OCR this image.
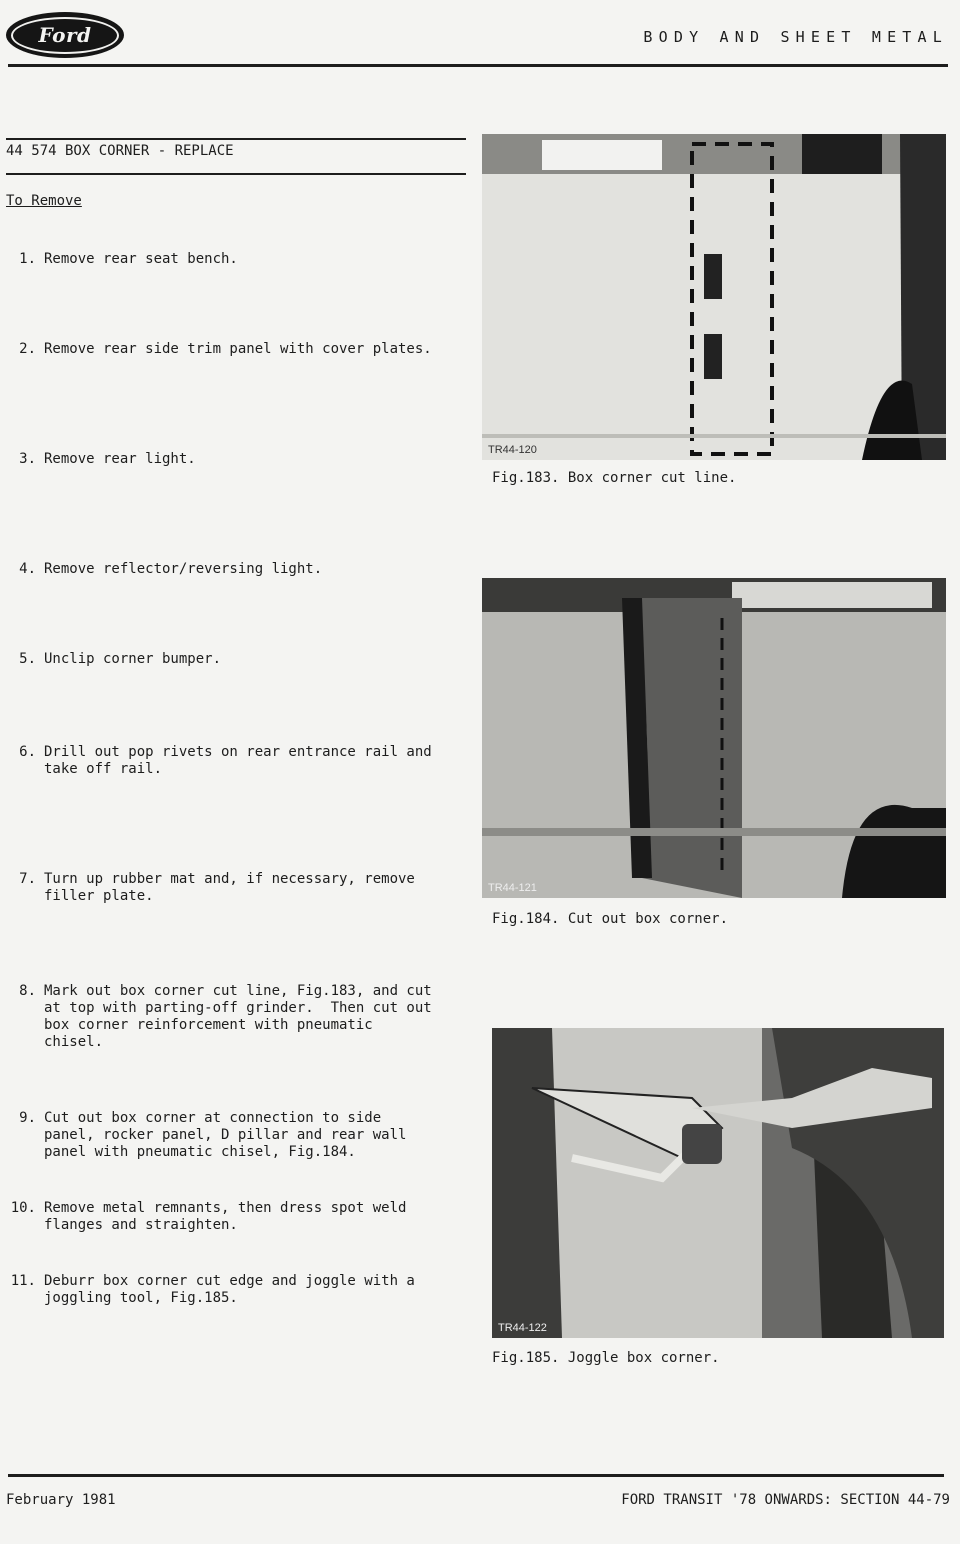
Ford	BODY AND SHEET METAL
44 574 BOX CORNER - REPLACE
To Remove
1. Remove rear seat bench.
2. Remove rear side trim panel with cover plates.
3. Remove rear light.
4. Remove reflector/reversing light.
5. Unclip corner bumper.
6. Drill out pop rivets on rear entrance rail and
take off rail.
7. Turn up rubber mat and, if necessary, remove
filler plate.
8. Mark out box corner cut line, Fig.183, and cut
at top with parting-off grinder.  Then cut out
box corner reinforcement with pneumatic
chisel.
9. Cut out box corner at connection to side
panel, rocker panel, D pillar and rear wall
panel with pneumatic chisel, Fig.184.
10. Remove metal remnants, then dress spot weld
flanges and straighten.
11. Deburr box corner cut edge and joggle with a
joggling tool, Fig.185.
TR44-120
Fig.183. Box corner cut line.
TR44-121
Fig.184. Cut out box corner.
TR44-122
Fig.185. Joggle box corner.
February 1981	FORD TRANSIT '78 ONWARDS: SECTION 44-79
